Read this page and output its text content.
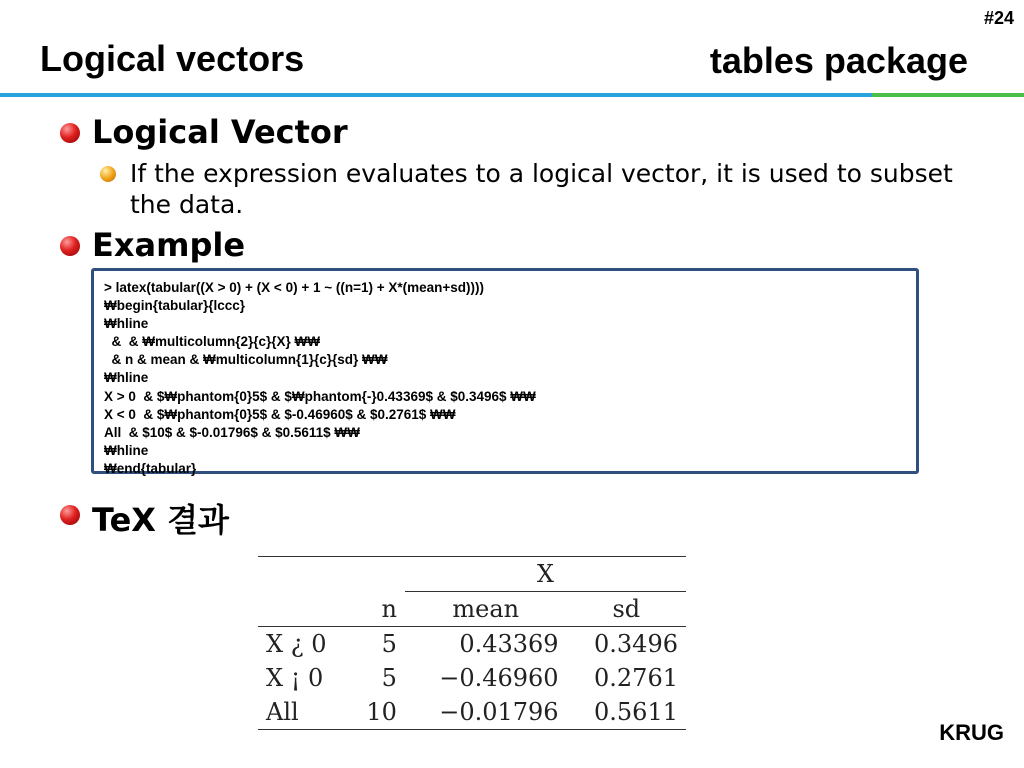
#24
Logical vectors	tables package
Logical Vector
If the expression evaluates to a logical vector, it is used to subset the data.
Example
> latex(tabular((X > 0) + (X < 0) + 1 ~ ((n=1) + X*(mean+sd))))
₩begin{tabular}{lccc}
₩hline
&  & ₩multicolumn{2}{c}{X} ₩₩
& n & mean & ₩multicolumn{1}{c}{sd} ₩₩
₩hline
X > 0  & $₩phantom{0}5$ & $₩phantom{-}0.43369$ & $0.3496$ ₩₩
X < 0  & $₩phantom{0}5$ & $-0.46960$ & $0.2761$ ₩₩
All  & $10$ & $-0.01796$ & $0.5611$ ₩₩
₩hline
₩end{tabular}
TeX 결과
		X	
	n	mean	sd
X ¿ 0	5	0.43369	0.3496
X ¡ 0	5	−0.46960	0.2761
All	10	−0.01796	0.5611
KRUG
